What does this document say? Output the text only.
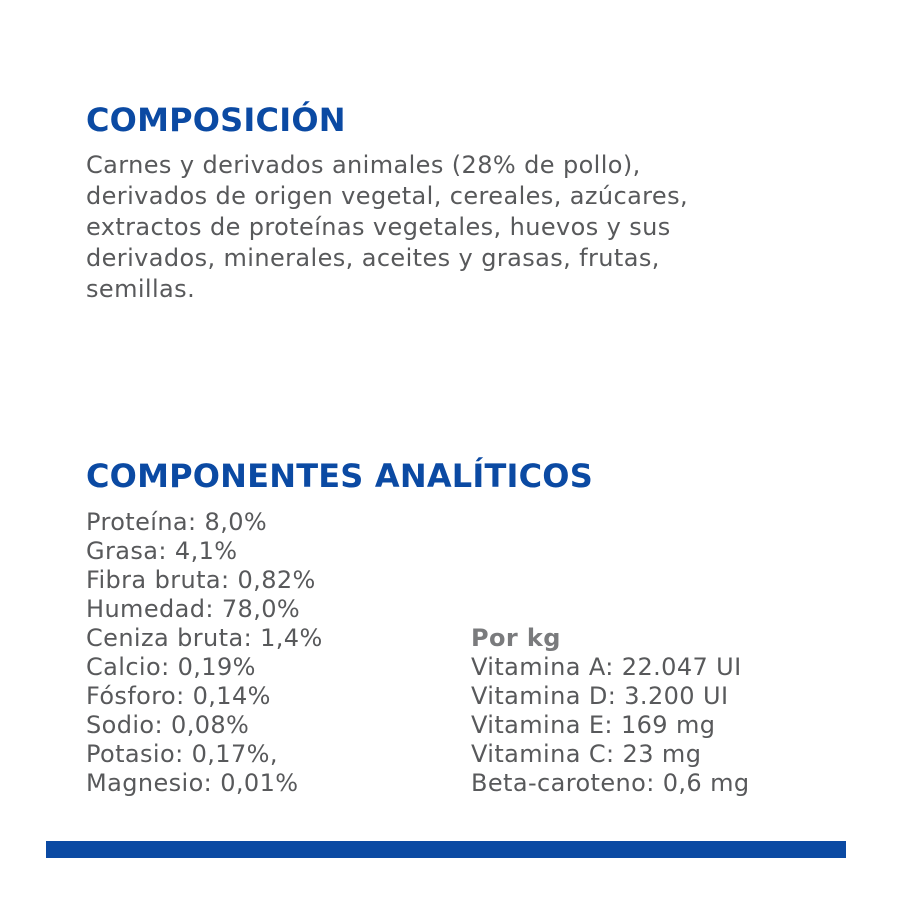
COMPOSICIÓN

Carnes y derivados animales (28% de pollo),
derivados de origen vegetal, cereales, azúcares,
extractos de proteínas vegetales, huevos y sus
derivados, minerales, aceites y grasas, frutas,
semillas.

COMPONENTES ANALÍTICOS
Proteína: 8,0%
Grasa: 4,1%
Fibra bruta: 0,82%
Humedad: 78,0%
Ceniza bruta: 1,4%
Calcio: 0,19%
Fósforo: 0,14%
Sodio: 0,08%
Potasio: 0,17%,
Magnesio: 0,01%
Por kg
Vitamina A: 22.047 UI
Vitamina D: 3.200 UI
Vitamina E: 169 mg
Vitamina C: 23 mg
Beta-caroteno: 0,6 mg
